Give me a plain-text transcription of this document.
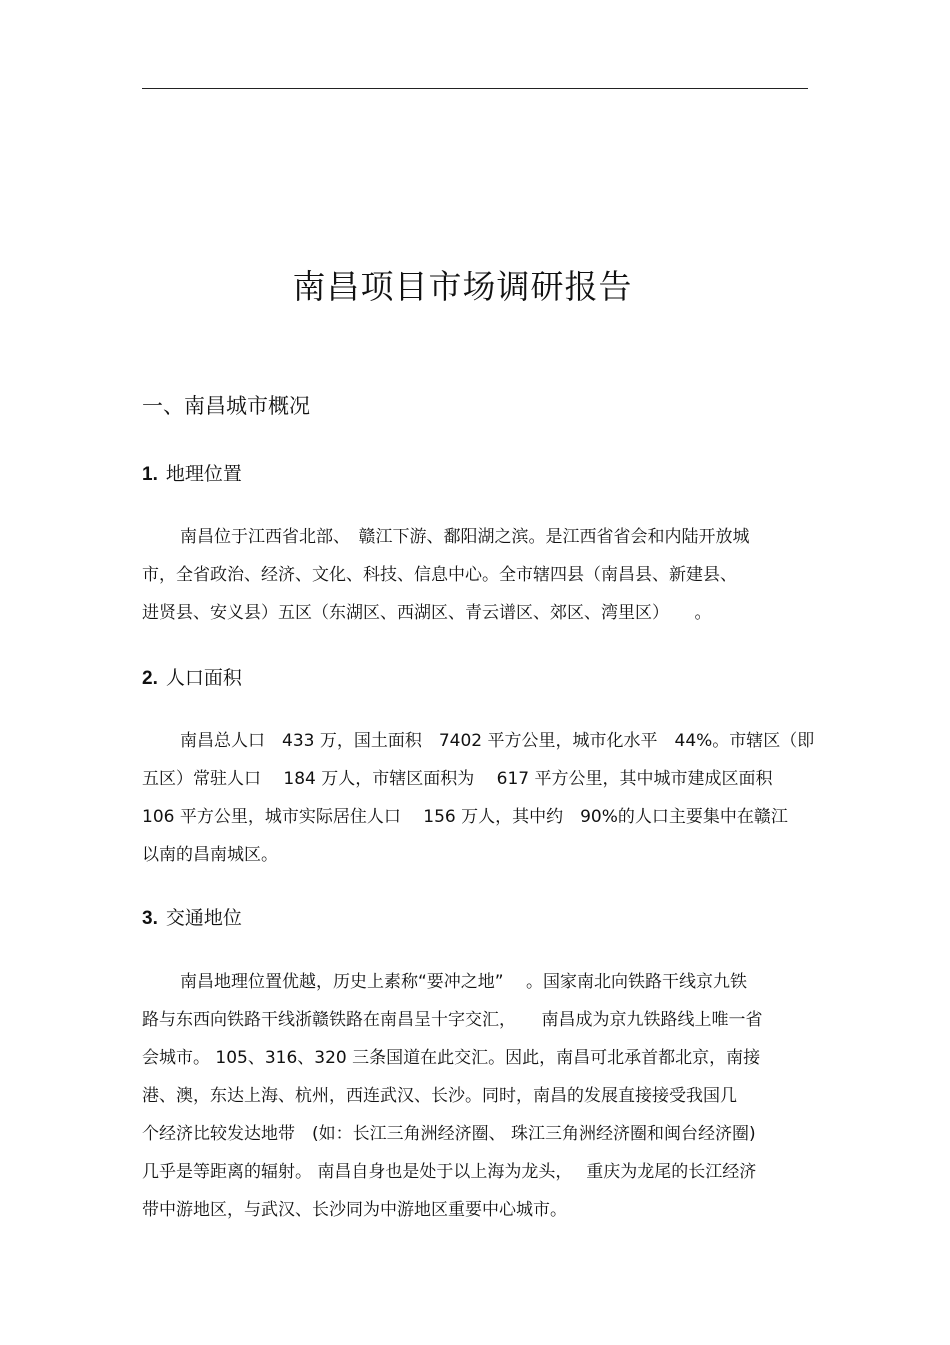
南昌项目市场调研报告
一、南昌城市概况
1. 地理位置
南昌位于江西省北部、　赣江下游、鄱阳湖之滨。是江西省省会和内陆开放城
市，全省政治、经济、文化、科技、信息中心。全市辖四县（南昌县、新建县、
进贤县、安义县）五区（东湖区、西湖区、青云谱区、郊区、湾里区）　　。
2. 人口面积
南昌总人口　433 万，国土面积　7402 平方公里，城市化水平　44%。市辖区（即
五区）常驻人口　 184 万人，市辖区面积为　 617 平方公里，其中城市建成区面积
106 平方公里，城市实际居住人口　 156 万人，其中约　90%的人口主要集中在赣江
以南的昌南城区。
3. 交通地位
南昌地理位置优越，历史上素称“要冲之地”　 。国家南北向铁路干线京九铁
路与东西向铁路干线浙赣铁路在南昌呈十字交汇，　　南昌成为京九铁路线上唯一省
会城市。 105、316、320 三条国道在此交汇。因此，南昌可北承首都北京，南接
港、澳，东达上海、杭州，西连武汉、长沙。同时，南昌的发展直接接受我国几
个经济比较发达地带　(如：长江三角洲经济圈、 珠江三角洲经济圈和闽台经济圈)
几乎是等距离的辐射。 南昌自身也是处于以上海为龙头，　 重庆为龙尾的长江经济
带中游地区，与武汉、长沙同为中游地区重要中心城市。
